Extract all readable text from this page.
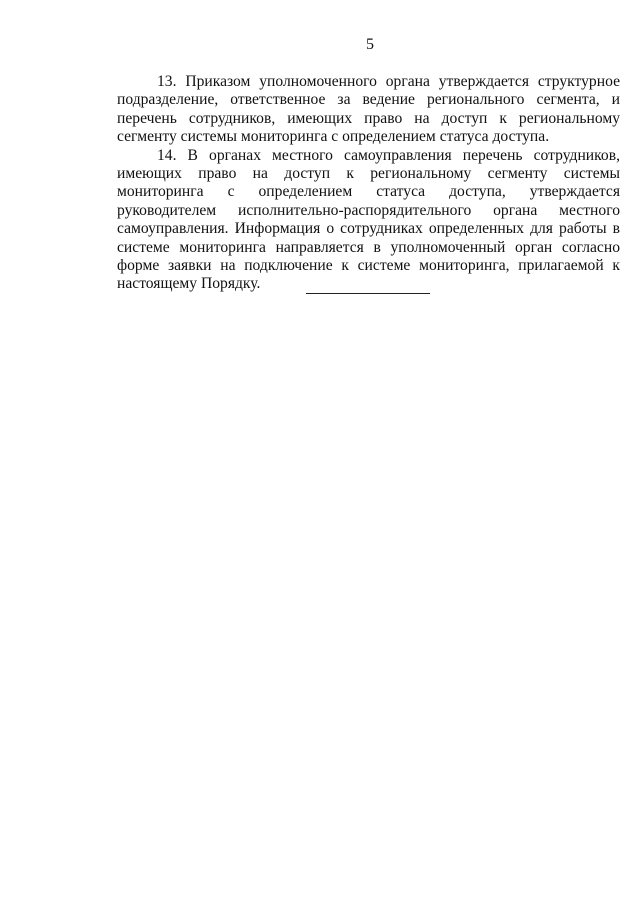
5

13. Приказом уполномоченного органа утверждается структурное подразделение, ответственное за ведение регионального сегмента, и перечень сотрудников, имеющих право на доступ к региональному сегменту системы мониторинга с определением статуса доступа.

14. В органах местного самоуправления перечень сотрудников, имеющих право на доступ к региональному сегменту системы мониторинга с определением статуса доступа, утверждается руководителем исполнительно-распорядительного органа местного самоуправления. Информация о сотрудниках определенных для работы в системе мониторинга направляется в уполномоченный орган согласно форме заявки на подключение к системе мониторинга, прилагаемой к настоящему Порядку.
